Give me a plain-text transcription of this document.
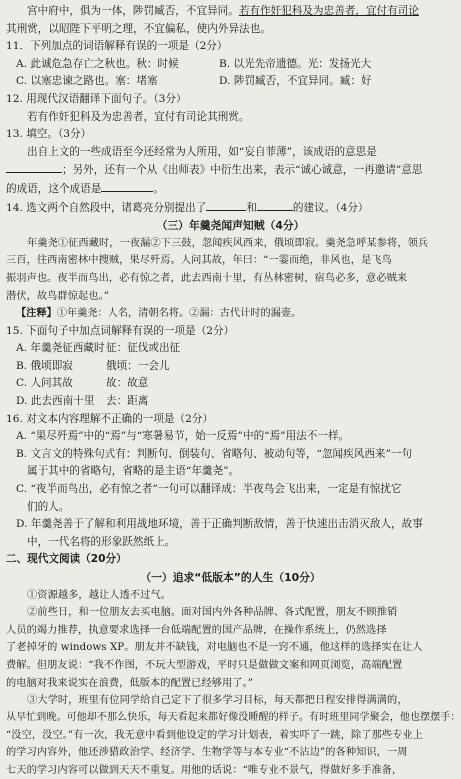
宫中府中，俱为一体，陟罚臧否，不宜异同。若有作奸犯科及为忠善者，宜付有司论
其刑赏，以昭陛下平明之理，不宜偏私，使内外异法也。
11．下列加点的词语解释有误的一项是（2分）
A. 此诚危急存亡之秋也。秋：时候	B. 以光先帝遗德。光：发扬光大
C. 以塞忠谏之路也。塞：堵塞	D. 陟罚臧否，不宜异同。臧：好
12. 用现代汉语翻译下面句子。（3分）
若有作奸犯科及为忠善者，宜付有司论其刑赏。
13. 填空。（3分）
出自上文的一些成语至今还经常为人所用，如“妄自菲薄”，该成语的意思是
；另外，还有一个从《出师表》中衍生出来，表示“诚心诚意，一再邀请”意思
的成语，这个成语是	。
14. 选文两个自然段中，诸葛亮分别提出了	和	的建议。（4分）
（三）年羹尧闻声知贼（4分）
年羹尧①征西藏时，一夜漏②下三鼓，忽闻疾风西来，俄顷即寂。羹尧急呼某参将，领兵
三百，往西南密林中搜贼，果尽歼焉。人问其故，年曰：“一霎而绝，非风也，是飞鸟
振羽声也。夜半而鸟出，必有惊之者，此去西南十里，有丛林密树，宿鸟必多，意必贼来
潜伏，故鸟群惊起也。”
【注释】①年羹尧：人名，清朝名将。②漏：古代计时的漏壶。
15. 下面句子中加点词解释有误的一项是（2分）
A. 年羹尧征西藏时 征：征伐或出征
B. 俄顷即寂	俄顷：一会儿
C. 人问其故	故：故意
D. 此去西南十里	去：距离
16. 对文本内容理解不正确的一项是（2分）
A. “果尽歼焉”中的“焉”与“寒暑易节，始一反焉”中的“焉”用法不一样。
B. 文言文的特殊句式有：判断句、倒装句、省略句、被动句等，“忽闻疾风西来”一句
属于其中的省略句，省略的是主语“年羹尧”。
C. “夜半而鸟出，必有惊之者”一句可以翻译成：半夜鸟会飞出来，一定是有惊扰它
们的人。
D. 年羹尧善于了解和利用战地环境，善于正确判断敌情，善于快速出击消灭敌人，故事
中，一代名将的形象跃然纸上。
二、现代文阅读（20分）
（一）追求“低版本”的人生（10分）
①资源越多，越让人透不过气。
②前些日，和一位朋友去买电脑。面对国内外各种品牌、各式配置，朋友不顾推销
人员的竭力推荐，执意要求选择一台低端配置的国产品牌，在操作系统上，仍然选择
了老掉牙的 windows XP。朋友并不缺钱，对电脑也不是一窍不通，他这样的选择实在让人
费解。但朋友说：“我不作图，不玩大型游戏，平时只是做做文案和网页浏览，高端配置
的电脑对我来说实在浪费，低版本的配置已经够用了。”
③大学时，班里有位同学给自己定下了很多学习目标，每天都把日程安排得满满的，
从早忙到晚。可他却不那么快乐，每天看起来都好像没睡醒的样子。有时班里同学聚会，他也摆摆手：
“没空，没空。”有一次，我无意中看到他设定的学习计划表，着实吓了一跳，除了那些专业上
的学习内容外，他还涉猎政治学、经济学、生物学等与本专业“不沾边”的各种知识，一周
七天的学习内容可以做到天天不重复。用他的话说：“唯专业不景气，得做好多手准备，
